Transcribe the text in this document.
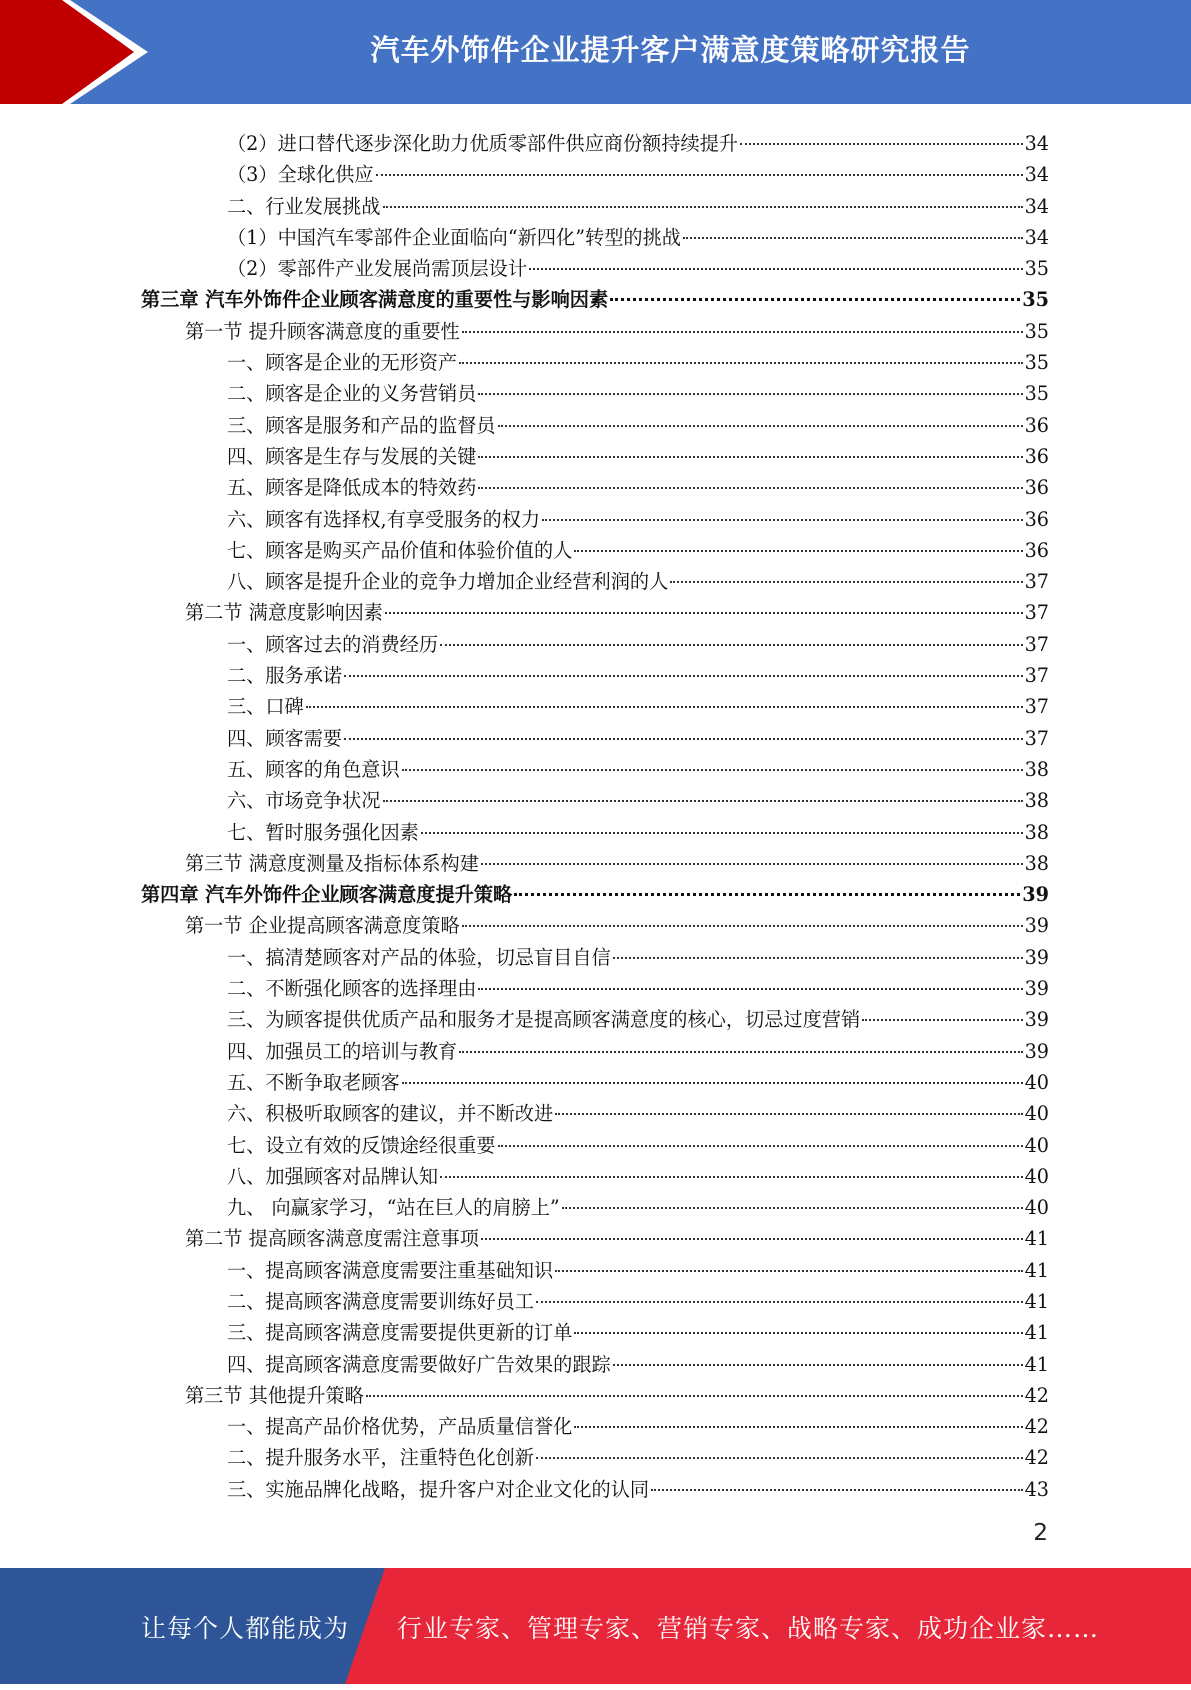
汽车外饰件企业提升客户满意度策略研究报告
（2）进口替代逐步深化助力优质零部件供应商份额持续提升	34
（3）全球化供应	34
二、行业发展挑战	34
（1）中国汽车零部件企业面临向“新四化”转型的挑战	34
（2）零部件产业发展尚需顶层设计	35
第三章 汽车外饰件企业顾客满意度的重要性与影响因素	35
第一节 提升顾客满意度的重要性	35
一、顾客是企业的无形资产	35
二、顾客是企业的义务营销员	35
三、顾客是服务和产品的监督员	36
四、顾客是生存与发展的关键	36
五、顾客是降低成本的特效药	36
六、顾客有选择权,有享受服务的权力	36
七、顾客是购买产品价值和体验价值的人	36
八、顾客是提升企业的竞争力增加企业经营利润的人	37
第二节 满意度影响因素	37
一、顾客过去的消费经历	37
二、服务承诺	37
三、口碑	37
四、顾客需要	37
五、顾客的角色意识	38
六、市场竞争状况	38
七、暂时服务强化因素	38
第三节 满意度测量及指标体系构建	38
第四章 汽车外饰件企业顾客满意度提升策略	39
第一节 企业提高顾客满意度策略	39
一、搞清楚顾客对产品的体验，切忌盲目自信	39
二、不断强化顾客的选择理由	39
三、为顾客提供优质产品和服务才是提高顾客满意度的核心，切忌过度营销	39
四、加强员工的培训与教育	39
五、不断争取老顾客	40
六、积极听取顾客的建议，并不断改进	40
七、设立有效的反馈途经很重要	40
八、加强顾客对品牌认知	40
九、 向赢家学习，“站在巨人的肩膀上”	40
第二节 提高顾客满意度需注意事项	41
一、提高顾客满意度需要注重基础知识	41
二、提高顾客满意度需要训练好员工	41
三、提高顾客满意度需要提供更新的订单	41
四、提高顾客满意度需要做好广告效果的跟踪	41
第三节 其他提升策略	42
一、提高产品价格优势，产品质量信誉化	42
二、提升服务水平，注重特色化创新	42
三、实施品牌化战略，提升客户对企业文化的认同	43
2
让每个人都能成为 行业专家、管理专家、营销专家、战略专家、成功企业家……
